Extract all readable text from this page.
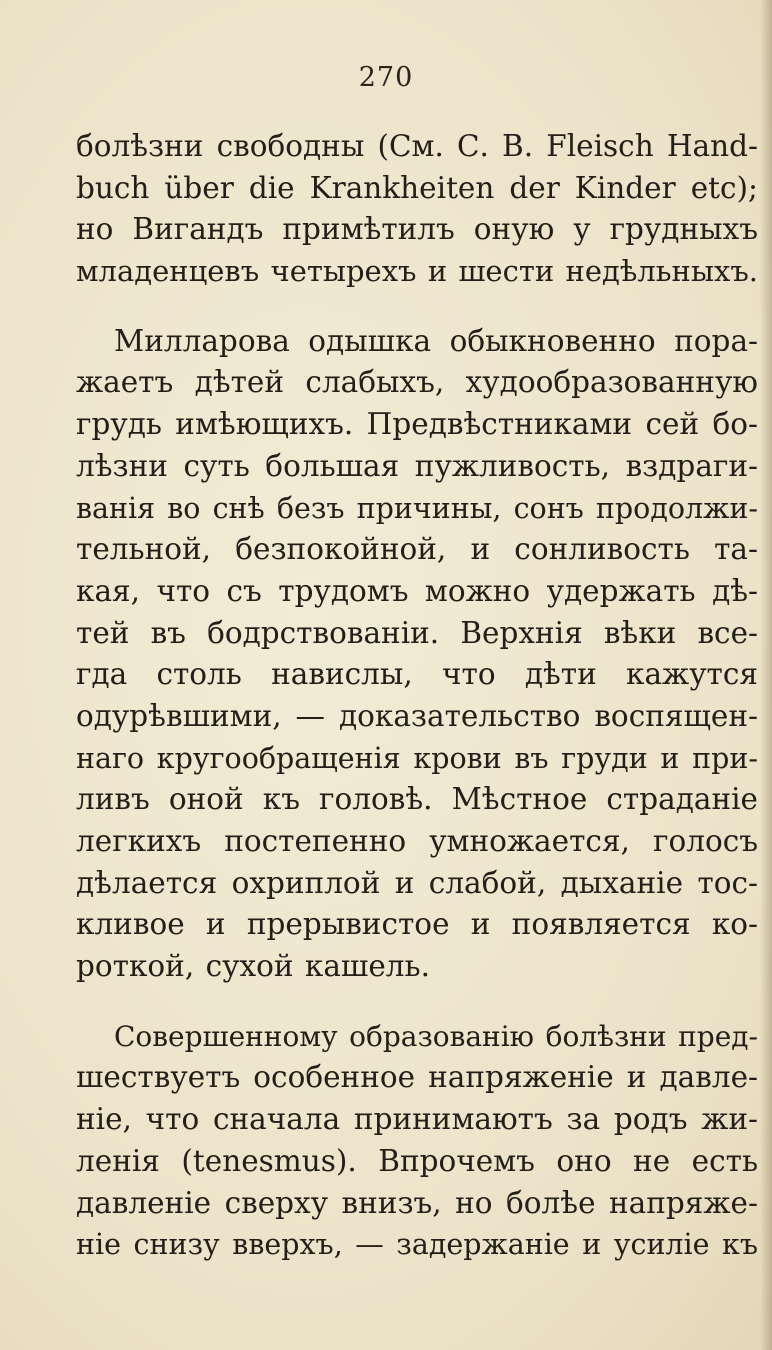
270
болѣзни свободны (См. С. В. Fleisch Hand-
buch über die Krankheiten der Kinder etc);
но Вигандъ примѣтилъ оную у грудныхъ
младенцевъ четырехъ и шести недѣльныхъ.
Милларова одышка обыкновенно пора-
жаетъ дѣтей слабыхъ, худообразованную
грудь имѣющихъ. Предвѣстниками сей бо-
лѣзни суть большая пужливость, вздраги-
ванія во снѣ безъ причины, сонъ продолжи-
тельной, безпокойной, и сонливость та-
кая, что съ трудомъ можно удержать дѣ-
тей въ бодрствованіи. Верхнія вѣки все-
гда столь навислы, что дѣти кажутся
одурѣвшими, — доказательство воспящен-
наго кругообращенія крови въ груди и при-
ливъ оной къ головѣ. Мѣстное страданіе
легкихъ постепенно умножается, голосъ
дѣлается охриплой и слабой, дыханіе тос-
кливое и прерывистое и появляется ко-
роткой, сухой кашель.
Совершенному образованію болѣзни пред-
шествуетъ особенное напряженіе и давле-
ніе, что сначала принимаютъ за родъ жи-
ленія (tenesmus). Впрочемъ оно не есть
давленіе сверху внизъ, но болѣе напряже-
ніе снизу вверхъ, — задержаніе и усиліе къ
